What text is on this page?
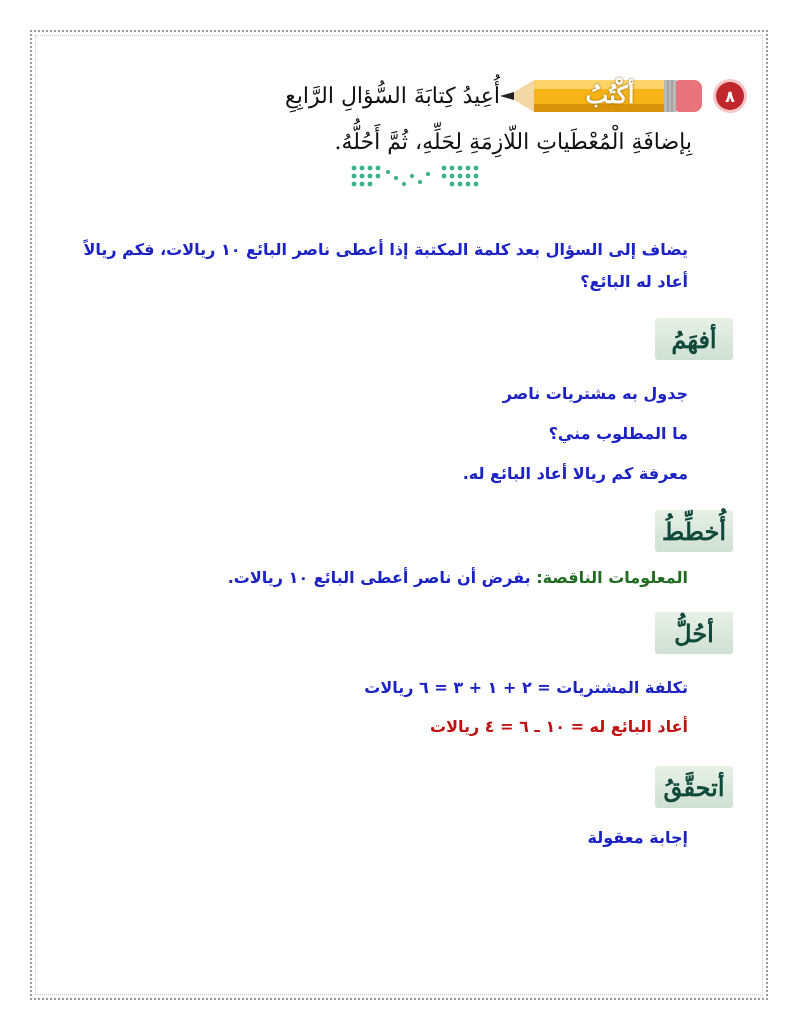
٨
أكْتُبُ
أُعِيدُ كِتابَةَ السُّؤالِ الرَّابِعِ
بِإضافَةِ الْمُعْطَياتِ اللّازِمَةِ لِحَلِّهِ، ثُمَّ أَحُلُّهُ.
يضاف إلى السؤال بعد كلمة المكتبة إذا أعطى ناصر البائع ١٠ ريالات، فكم ريالاً أعاد له البائع؟
أفهَمُ
جدول به مشتريات ناصر
ما المطلوب مني؟
معرفة كم ريالا أعاد البائع له.
أُخطِّطُ
المعلومات الناقصة: بفرض أن ناصر أعطى البائع ١٠ ريالات.
أحُلُّ
تكلفة المشتريات = ٢ + ١ + ٣ = ٦ ريالات
أعاد البائع له = ١٠ ـ ٦ = ٤ ريالات
أتحقَّقُ
إجابة معقولة
